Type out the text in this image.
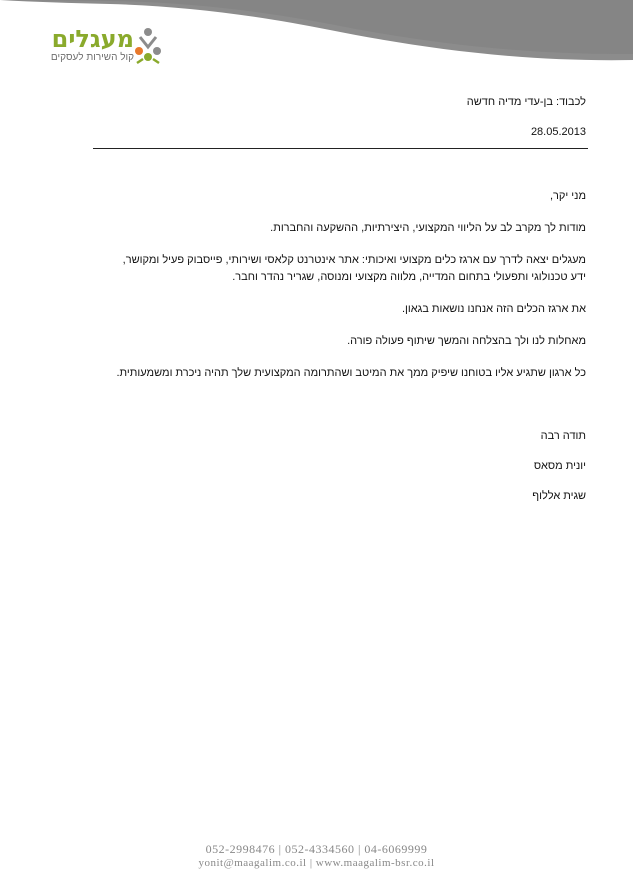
מעגלים
קול השירות לעסקים
לכבוד: בן-עדי מדיה חדשה
28.05.2013

מני יקר,

מודות לך מקרב לב על הליווי המקצועי, היצירתיות, ההשקעה והחברות.

מעגלים יצאה לדרך עם ארגז כלים מקצועי ואיכותי: אתר אינטרנט קלאסי ושירותי, פייסבוק פעיל ומקושר, ידע טכנולוגי ותפעולי בתחום המדייה, מלווה מקצועי ומנוסה, שגריר נהדר וחבר.

את ארגז הכלים הזה אנחנו נושאות בגאון.

מאחלות לנו ולך בהצלחה והמשך שיתוף פעולה פורה.

כל ארגון שתגיע אליו בטוחנו שיפיק ממך את המיטב ושהתרומה המקצועית שלך תהיה ניכרת ומשמעותית.

תודה רבה
יונית מסאס
שגית אללוף
052-2998476 | 052-4334560 | 04-6069999
yonit@maagalim.co.il | www.maagalim-bsr.co.il
